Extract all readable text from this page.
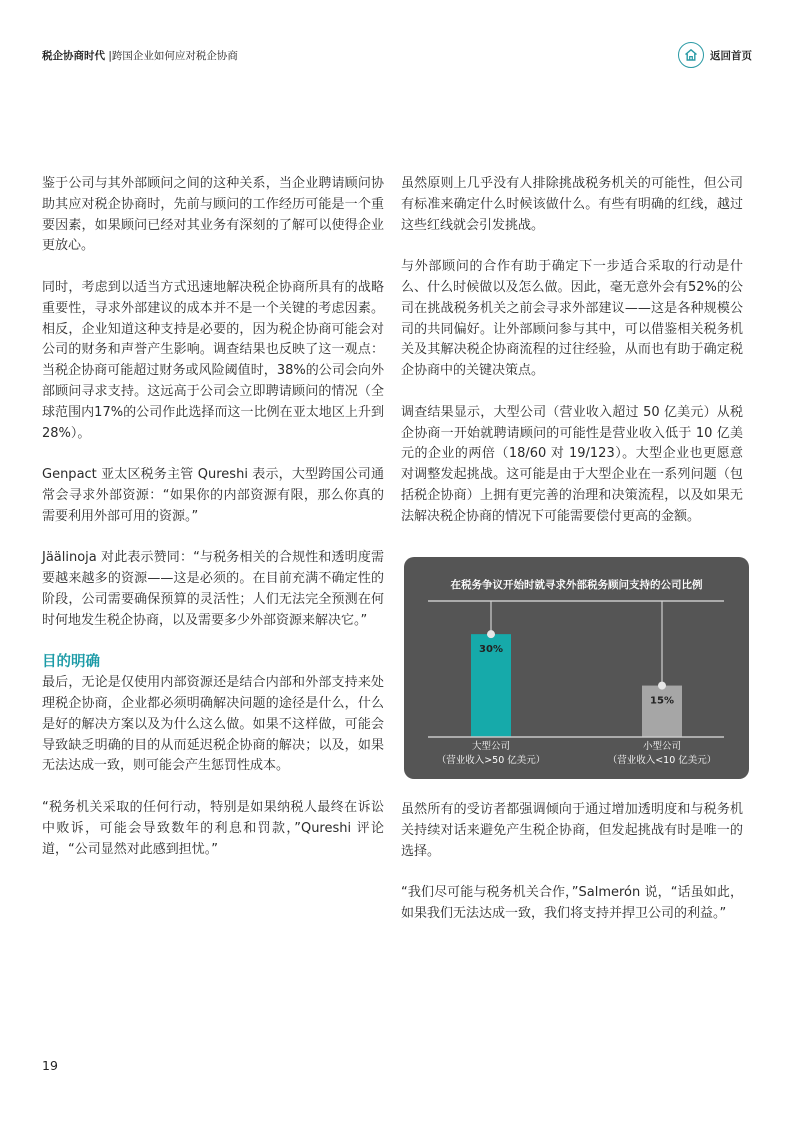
税企协商时代 |跨国企业如何应对税企协商	返回首页

鉴于公司与其外部顾问之间的这种关系，当企业聘请顾问协助其应对税企协商时，先前与顾问的工作经历可能是一个重要因素，如果顾问已经对其业务有深刻的了解可以使得企业更放心。

同时，考虑到以适当方式迅速地解决税企协商所具有的战略重要性，寻求外部建议的成本并不是一个关键的考虑因素。相反，企业知道这种支持是必要的，因为税企协商可能会对公司的财务和声誉产生影响。调查结果也反映了这一观点：当税企协商可能超过财务或风险阈值时，38%的公司会向外部顾问寻求支持。这远高于公司会立即聘请顾问的情况（全球范围内17%的公司作此选择而这一比例在亚太地区上升到28%）。

Genpact 亚太区税务主管 Qureshi 表示，大型跨国公司通常会寻求外部资源：“如果你的内部资源有限，那么你真的需要利用外部可用的资源。”

Jäälinoja 对此表示赞同：“与税务相关的合规性和透明度需要越来越多的资源——这是必须的。在目前充满不确定性的阶段，公司需要确保预算的灵活性；人们无法完全预测在何时何地发生税企协商，以及需要多少外部资源来解决它。”

目的明确

最后，无论是仅使用内部资源还是结合内部和外部支持来处理税企协商，企业都必须明确解决问题的途径是什么，什么是好的解决方案以及为什么这么做。如果不这样做，可能会导致缺乏明确的目的从而延迟税企协商的解决；以及，如果无法达成一致，则可能会产生惩罚性成本。

“税务机关采取的任何行动，特别是如果纳税人最终在诉讼中败诉，可能会导致数年的利息和罚款，”Qureshi 评论道，“公司显然对此感到担忧。”

虽然原则上几乎没有人排除挑战税务机关的可能性，但公司有标准来确定什么时候该做什么。有些有明确的红线，越过这些红线就会引发挑战。

与外部顾问的合作有助于确定下一步适合采取的行动是什么、什么时候做以及怎么做。因此，毫无意外会有52%的公司在挑战税务机关之前会寻求外部建议——这是各种规模公司的共同偏好。让外部顾问参与其中，可以借鉴相关税务机关及其解决税企协商流程的过往经验，从而也有助于确定税企协商中的关键决策点。

调查结果显示，大型公司（营业收入超过 50 亿美元）从税企协商一开始就聘请顾问的可能性是营业收入低于 10 亿美元的企业的两倍（18/60 对 19/123）。大型企业也更愿意对调整发起挑战。这可能是由于大型企业在一系列问题（包括税企协商）上拥有更完善的治理和决策流程，以及如果无法解决税企协商的情况下可能需要偿付更高的金额。

在税务争议开始时就寻求外部税务顾问支持的公司比例
30%
大型公司
（营业收入>50 亿美元）
15%
小型公司
（营业收入<10 亿美元）

虽然所有的受访者都强调倾向于通过增加透明度和与税务机关持续对话来避免产生税企协商，但发起挑战有时是唯一的选择。

“我们尽可能与税务机关合作，”Salmerón 说，“话虽如此，如果我们无法达成一致，我们将支持并捍卫公司的利益。”

19
